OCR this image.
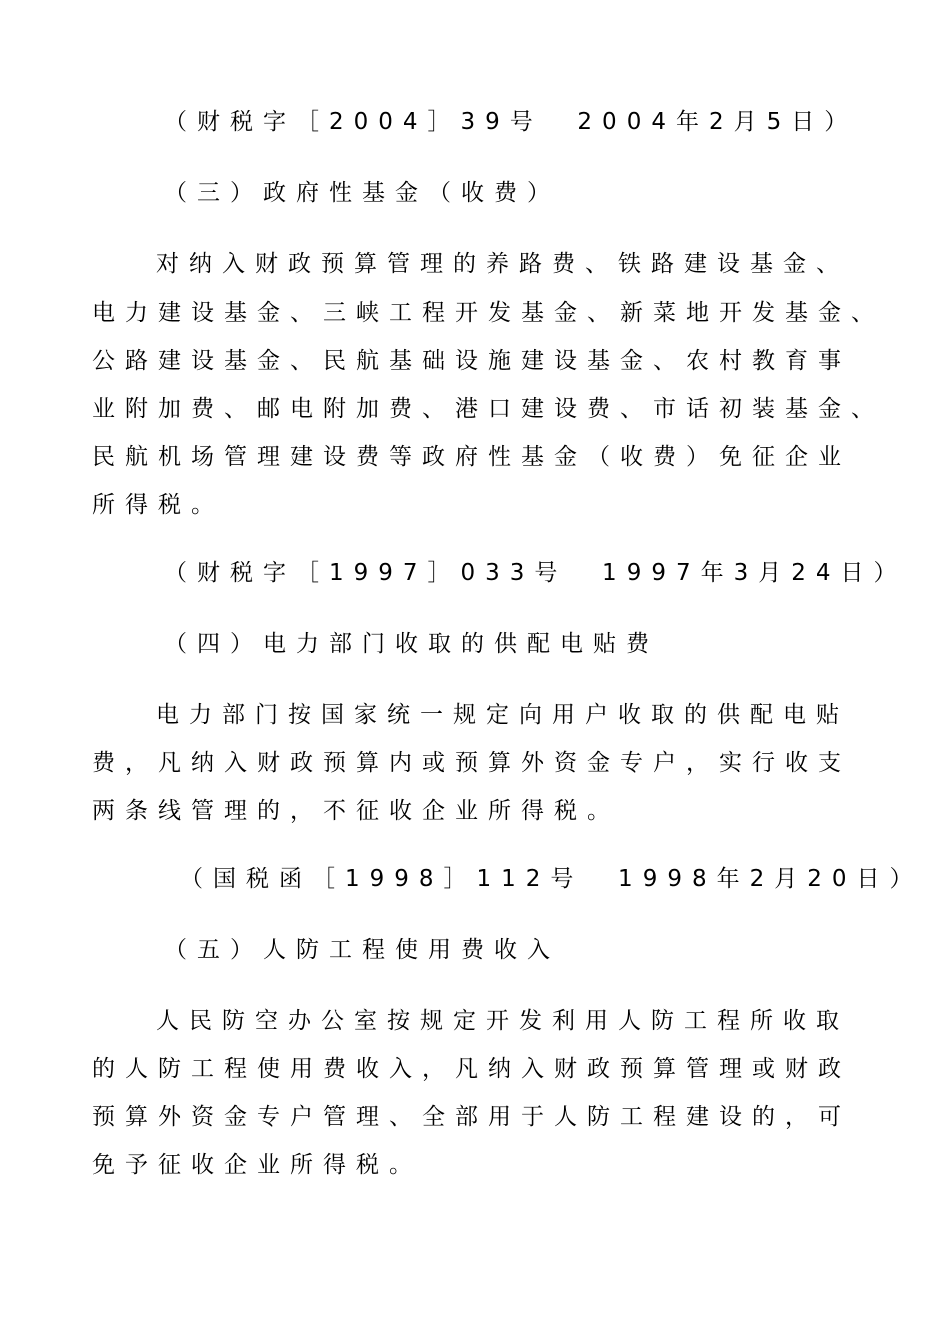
（财税字［2004］39号  2004年2月5日）
（三）政府性基金（收费）
对纳入财政预算管理的养路费、铁路建设基金、
电力建设基金、三峡工程开发基金、新菜地开发基金、
公路建设基金、民航基础设施建设基金、农村教育事
业附加费、邮电附加费、港口建设费、市话初装基金、
民航机场管理建设费等政府性基金（收费）免征企业
所得税。
（财税字［1997］033号  1997年3月24日）
（四）电力部门收取的供配电贴费
电力部门按国家统一规定向用户收取的供配电贴
费，凡纳入财政预算内或预算外资金专户，实行收支
两条线管理的，不征收企业所得税。
（国税函［1998］112号  1998年2月20日）
（五）人防工程使用费收入
人民防空办公室按规定开发利用人防工程所收取
的人防工程使用费收入，凡纳入财政预算管理或财政
预算外资金专户管理、全部用于人防工程建设的，可
免予征收企业所得税。
